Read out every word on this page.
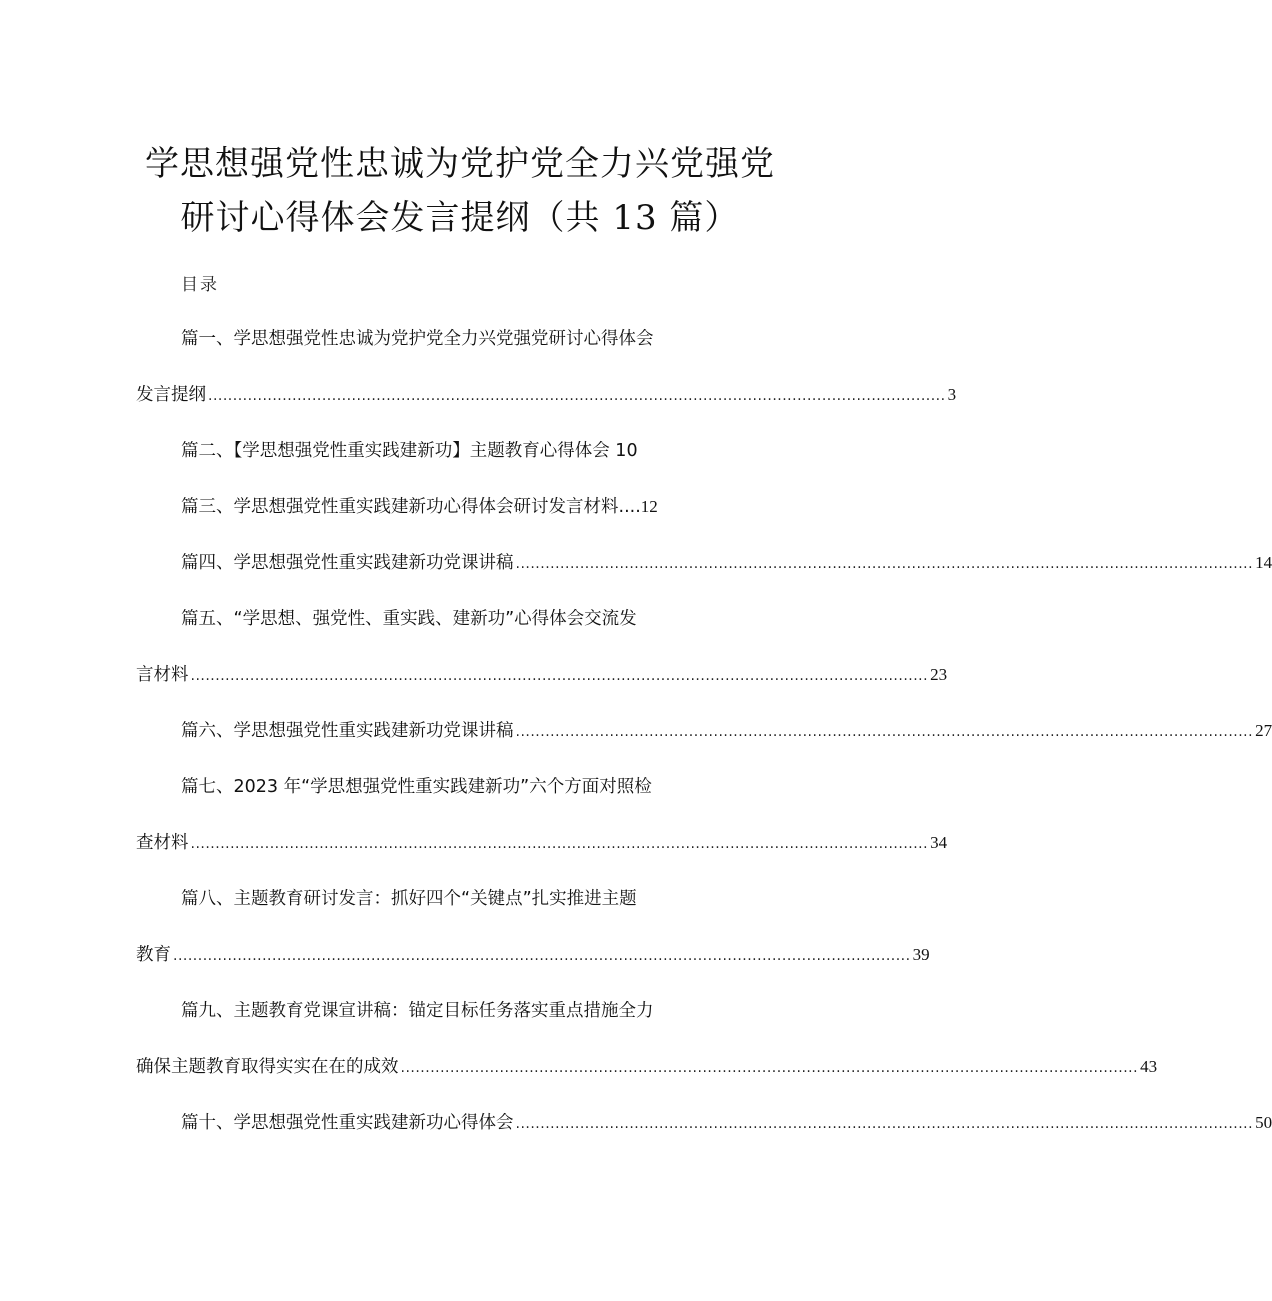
学思想强党性忠诚为党护党全力兴党强党
研讨心得体会发言提纲（共 13 篇）
目录
篇一、学思想强党性忠诚为党护党全力兴党强党研讨心得体会
发言提纲 ..................................................................................................................................................... 3
篇二、【学思想强党性重实践建新功】主题教育心得体会 10
篇三、学思想强党性重实践建新功心得体会研讨发言材料....12
篇四、学思想强党性重实践建新功党课讲稿 ..................................................................................................................................................... 14
篇五、“学思想、强党性、重实践、建新功”心得体会交流发
言材料 ..................................................................................................................................................... 23
篇六、学思想强党性重实践建新功党课讲稿 ..................................................................................................................................................... 27
篇七、2023 年“学思想强党性重实践建新功”六个方面对照检
查材料 ..................................................................................................................................................... 34
篇八、主题教育研讨发言：抓好四个“关键点”扎实推进主题
教育 ..................................................................................................................................................... 39
篇九、主题教育党课宣讲稿：锚定目标任务落实重点措施全力
确保主题教育取得实实在在的成效 ..................................................................................................................................................... 43
篇十、学思想强党性重实践建新功心得体会 ..................................................................................................................................................... 50
